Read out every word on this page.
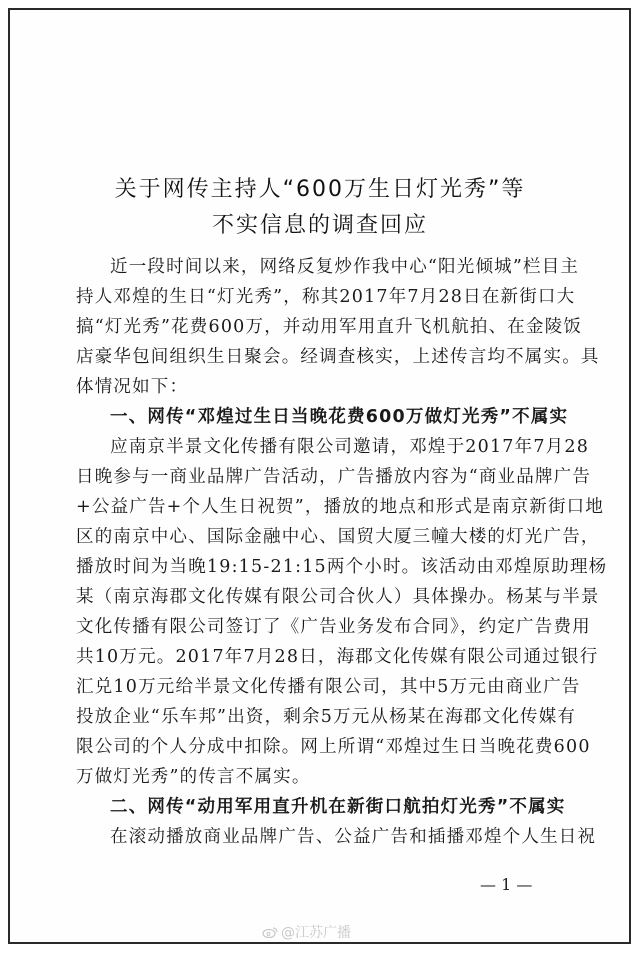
关于网传主持人“600万生日灯光秀”等
不实信息的调查回应
近一段时间以来，网络反复炒作我中心“阳光倾城”栏目主
持人邓煌的生日“灯光秀”，称其2017年7月28日在新街口大
搞“灯光秀”花费600万，并动用军用直升飞机航拍、在金陵饭
店豪华包间组织生日聚会。经调查核实，上述传言均不属实。具
体情况如下：
一、网传“邓煌过生日当晚花费600万做灯光秀”不属实
应南京半景文化传播有限公司邀请，邓煌于2017年7月28
日晚参与一商业品牌广告活动，广告播放内容为“商业品牌广告
+公益广告+个人生日祝贺”，播放的地点和形式是南京新街口地
区的南京中心、国际金融中心、国贸大厦三幢大楼的灯光广告，
播放时间为当晚19:15-21:15两个小时。该活动由邓煌原助理杨
某（南京海郡文化传媒有限公司合伙人）具体操办。杨某与半景
文化传播有限公司签订了《广告业务发布合同》，约定广告费用
共10万元。2017年7月28日，海郡文化传媒有限公司通过银行
汇兑10万元给半景文化传播有限公司，其中5万元由商业广告
投放企业“乐车邦”出资，剩余5万元从杨某在海郡文化传媒有
限公司的个人分成中扣除。网上所谓“邓煌过生日当晚花费600
万做灯光秀”的传言不属实。
二、网传“动用军用直升机在新街口航拍灯光秀”不属实
在滚动播放商业品牌广告、公益广告和插播邓煌个人生日祝
— 1 —
@江苏广播
